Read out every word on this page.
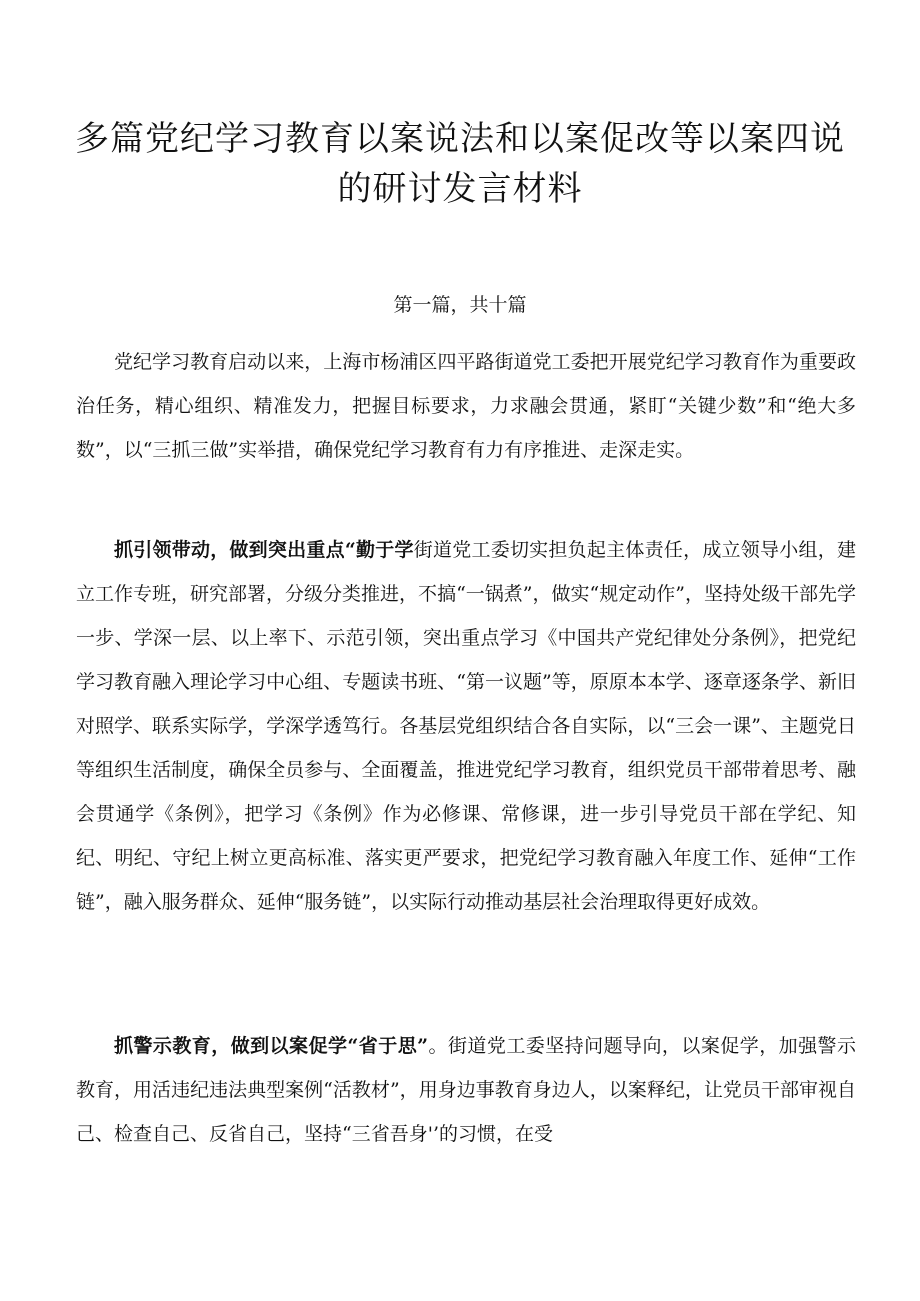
多篇党纪学习教育以案说法和以案促改等以案四说
的研讨发言材料

第一篇，共十篇

党纪学习教育启动以来，上海市杨浦区四平路街道党工委把开展党纪学习教育作为重要政治任务，精心组织、精准发力，把握目标要求，力求融会贯通，紧盯“关键少数”和“绝大多数”，以“三抓三做”实举措，确保党纪学习教育有力有序推进、走深走实。

抓引领带动，做到突出重点“勤于学街道党工委切实担负起主体责任，成立领导小组，建立工作专班，研究部署，分级分类推进，不搞“一锅煮”，做实“规定动作”，坚持处级干部先学一步、学深一层、以上率下、示范引领，突出重点学习《中国共产党纪律处分条例》，把党纪学习教育融入理论学习中心组、专题读书班、“第一议题”等，原原本本学、逐章逐条学、新旧对照学、联系实际学，学深学透笃行。各基层党组织结合各自实际，以“三会一课”、主题党日等组织生活制度，确保全员参与、全面覆盖，推进党纪学习教育，组织党员干部带着思考、融会贯通学《条例》，把学习《条例》作为必修课、常修课，进一步引导党员干部在学纪、知纪、明纪、守纪上树立更高标准、落实更严要求，把党纪学习教育融入年度工作、延伸“工作链”，融入服务群众、延伸“服务链”，以实际行动推动基层社会治理取得更好成效。

抓警示教育，做到以案促学“省于思”。街道党工委坚持问题导向，以案促学，加强警示教育，用活违纪违法典型案例“活教材”，用身边事教育身边人，以案释纪，让党员干部审视自己、检查自己、反省自己，坚持“三省吾身'’的习惯，在受
